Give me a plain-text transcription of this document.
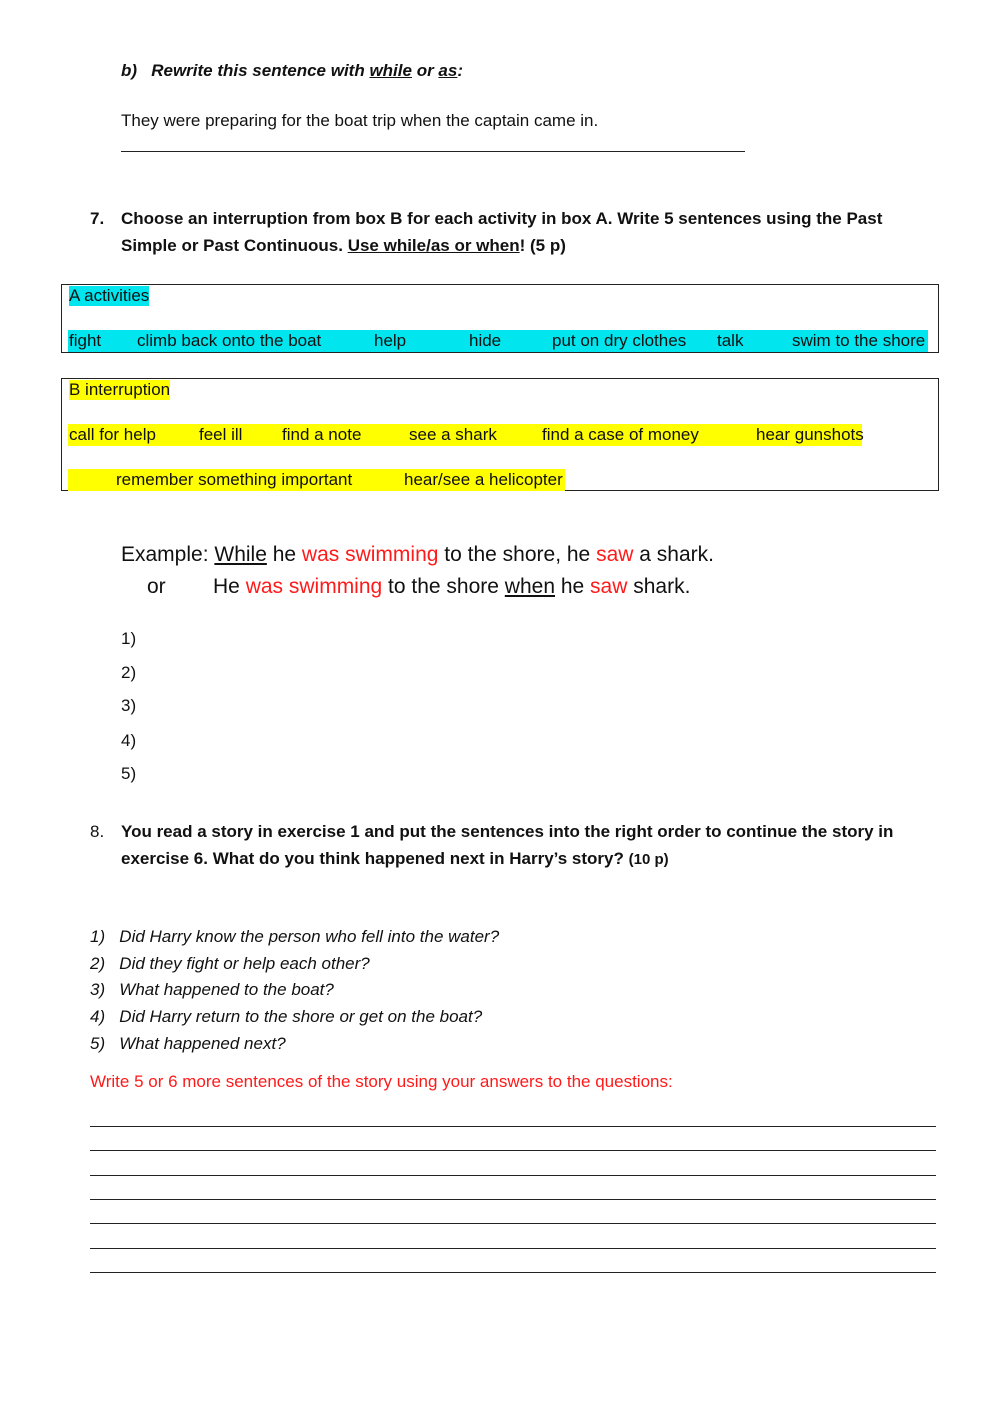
b) Rewrite this sentence with while or as:
They were preparing for the boat trip when the captain came in.
7. Choose an interruption from box B for each activity in box A. Write 5 sentences using the Past
Simple or Past Continuous. Use while/as or when! (5 p)
A activities
fight climb back onto the boat	help	hide	put on dry clothes talk	swim to the shore
B interruption
call for help	feel ill find a note	see a shark	find a case of money	hear gunshots
remember something important	hear/see a helicopter
Example: While he was swimming to the shore, he saw a shark.
or He was swimming to the shore when he saw shark.
1)
2)
3)
4)
5)
8. You read a story in exercise 1 and put the sentences into the right order to continue the story in
exercise 6. What do you think happened next in Harry’s story? (10 p)
1) Did Harry know the person who fell into the water?
2) Did they fight or help each other?
3) What happened to the boat?
4) Did Harry return to the shore or get on the boat?
5) What happened next?
Write 5 or 6 more sentences of the story using your answers to the questions:
